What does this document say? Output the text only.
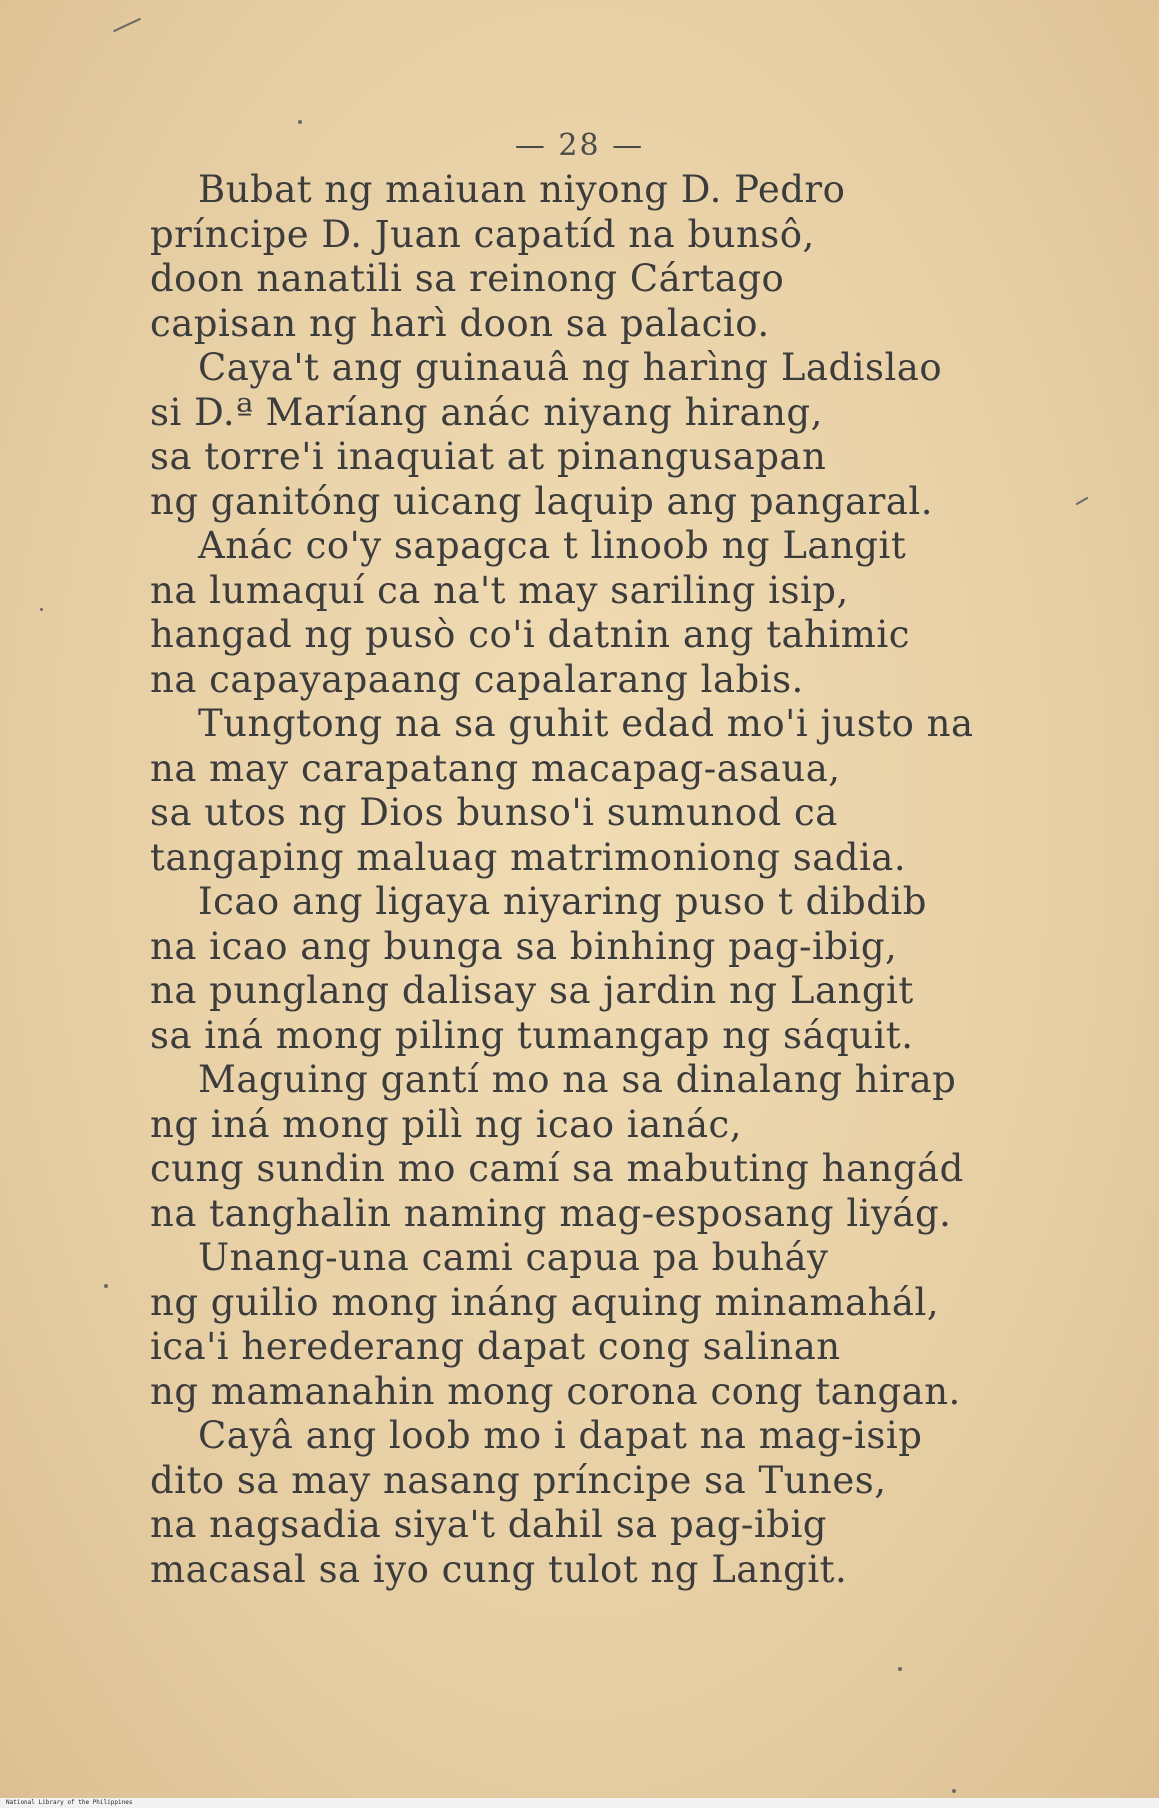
— 28 —
Bubat ng maiuan niyong D. Pedro
príncipe D. Juan capatíd na bunsô,
doon nanatili sa reinong Cártago
capisan ng harì doon sa palacio.
Caya't ang guinauâ ng harìng Ladislao
si D.ª Maríang anác niyang hirang,
sa torre'i inaquiat at pinangusapan
ng ganitóng uicang laquip ang pangaral.
Anác co'y sapagca t linoob ng Langit
na lumaquí ca na't may sariling isip,
hangad ng pusò co'i datnin ang tahimic
na capayapaang capalarang labis.
Tungtong na sa guhit edad mo'i justo na
na may carapatang macapag-asaua,
sa utos ng Dios bunso'i sumunod ca
tangaping maluag matrimoniong sadia.
Icao ang ligaya niyaring puso t dibdib
na icao ang bunga sa binhing pag-ibig,
na punglang dalisay sa jardin ng Langit
sa iná mong piling tumangap ng sáquit.
Maguing gantí mo na sa dinalang hirap
ng iná mong pilì ng icao ianác,
cung sundin mo camí sa mabuting hangád
na tanghalin naming mag-esposang liyág.
Unang-una cami capua pa buháy
ng guilio mong ináng aquing minamahál,
ica'i herederang dapat cong salinan
ng mamanahin mong corona cong tangan.
Cayâ ang loob mo i dapat na mag-isip
dito sa may nasang príncipe sa Tunes,
na nagsadia siya't dahil sa pag-ibig
macasal sa iyo cung tulot ng Langit.
National Library of the Philippines
